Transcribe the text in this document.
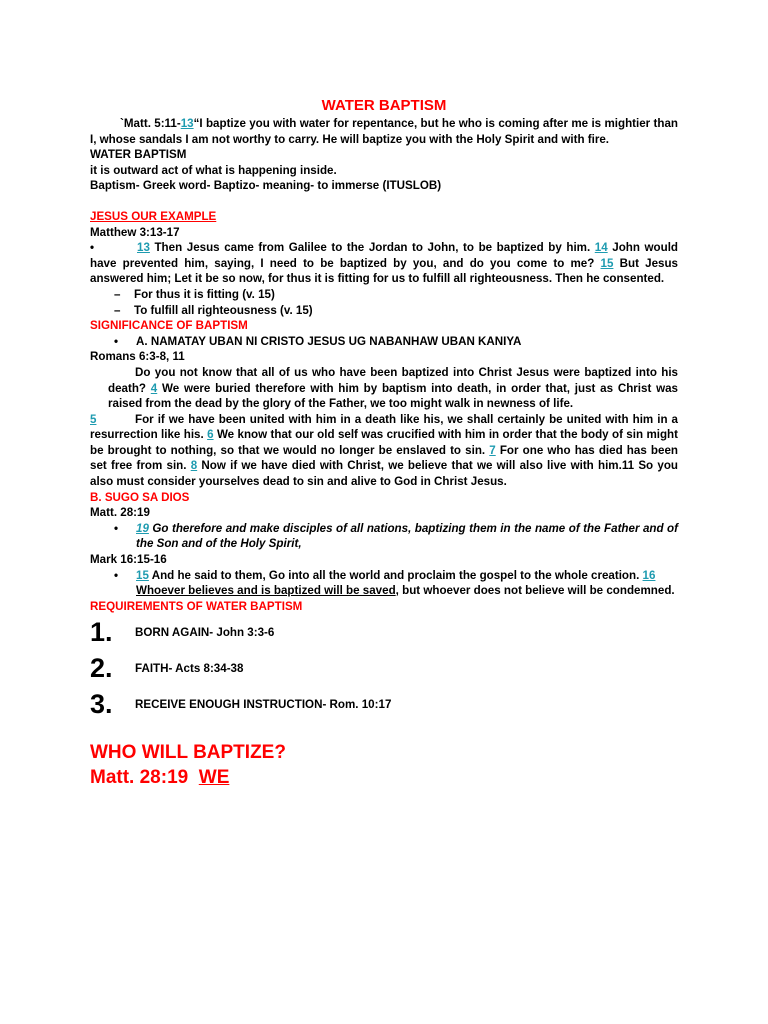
WATER BAPTISM
`Matt. 5:11-13“I baptize you with water for repentance, but he who is coming after me is mightier than I, whose sandals I am not worthy to carry. He will baptize you with the Holy Spirit and with fire.
WATER BAPTISM
it is outward act of what is happening inside.
Baptism- Greek word- Baptizo- meaning- to immerse (ITUSLOB)
JESUS OUR EXAMPLE
Matthew 3:13-17
•	13 Then Jesus came from Galilee to the Jordan to John, to be baptized by him. 14 John would have prevented him, saying, I need to be baptized by you, and do you come to me? 15 But Jesus answered him; Let it be so now, for thus it is fitting for us to fulfill all righteousness. Then he consented.
– For thus it is fitting (v. 15)
– To fulfill all righteousness (v. 15)
SIGNIFICANCE OF BAPTISM
•	A. NAMATAY UBAN NI CRISTO JESUS UG NABANHAW UBAN KANIYA
Romans 6:3-8, 11
Do you not know that all of us who have been baptized into Christ Jesus were baptized into his death? 4 We were buried therefore with him by baptism into death, in order that, just as Christ was raised from the dead by the glory of the Father, we too might walk in newness of life.
5	For if we have been united with him in a death like his, we shall certainly be united with him in a resurrection like his. 6 We know that our old self was crucified with him in order that the body of sin might be brought to nothing, so that we would no longer be enslaved to sin. 7 For one who has died has been set free from sin. 8 Now if we have died with Christ, we believe that we will also live with him.11 So you also must consider yourselves dead to sin and alive to God in Christ Jesus.
B. SUGO SA DIOS
Matt. 28:19
•	19 Go therefore and make disciples of all nations, baptizing them in the name of the Father and of the Son and of the Holy Spirit,
Mark 16:15-16
•	15 And he said to them, Go into all the world and proclaim the gospel to the whole creation. 16
Whoever believes and is baptized will be saved, but whoever does not believe will be condemned.
REQUIREMENTS OF WATER BAPTISM
1.	BORN AGAIN- John 3:3-6
2.	FAITH- Acts 8:34-38
3.	RECEIVE ENOUGH INSTRUCTION- Rom. 10:17
WHO WILL BAPTIZE?
Matt. 28:19  WE
